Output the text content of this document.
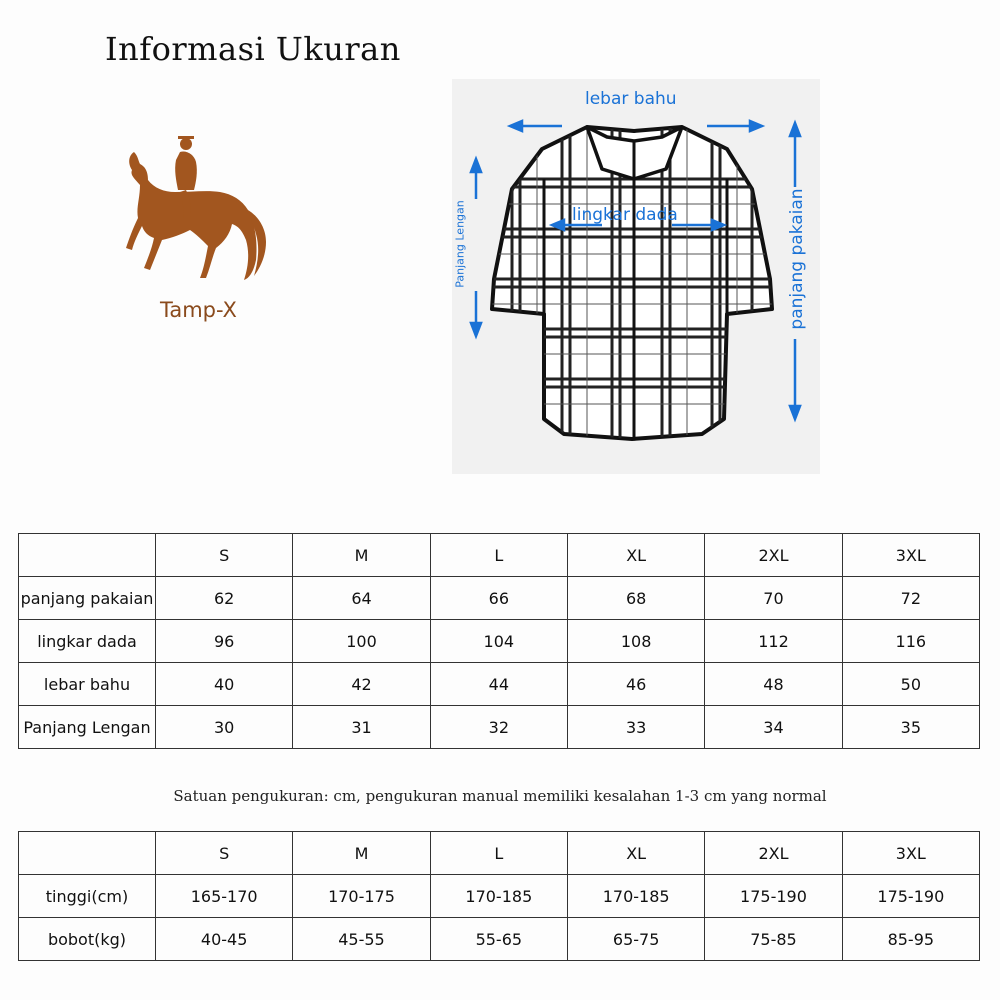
Informasi Ukuran
Tamp-X
lebar bahu
lingkar dada
Panjang Lengan	panjang pakaian
	S	M	L	XL	2XL	3XL
panjang pakaian	62	64	66	68	70	72
lingkar dada	96	100	104	108	112	116
lebar bahu	40	42	44	46	48	50
Panjang Lengan	30	31	32	33	34	35
Satuan pengukuran: cm, pengukuran manual memiliki kesalahan 1-3 cm yang normal
	S	M	L	XL	2XL	3XL
tinggi(cm)	165-170	170-175	170-185	170-185	175-190	175-190
bobot(kg)	40-45	45-55	55-65	65-75	75-85	85-95
